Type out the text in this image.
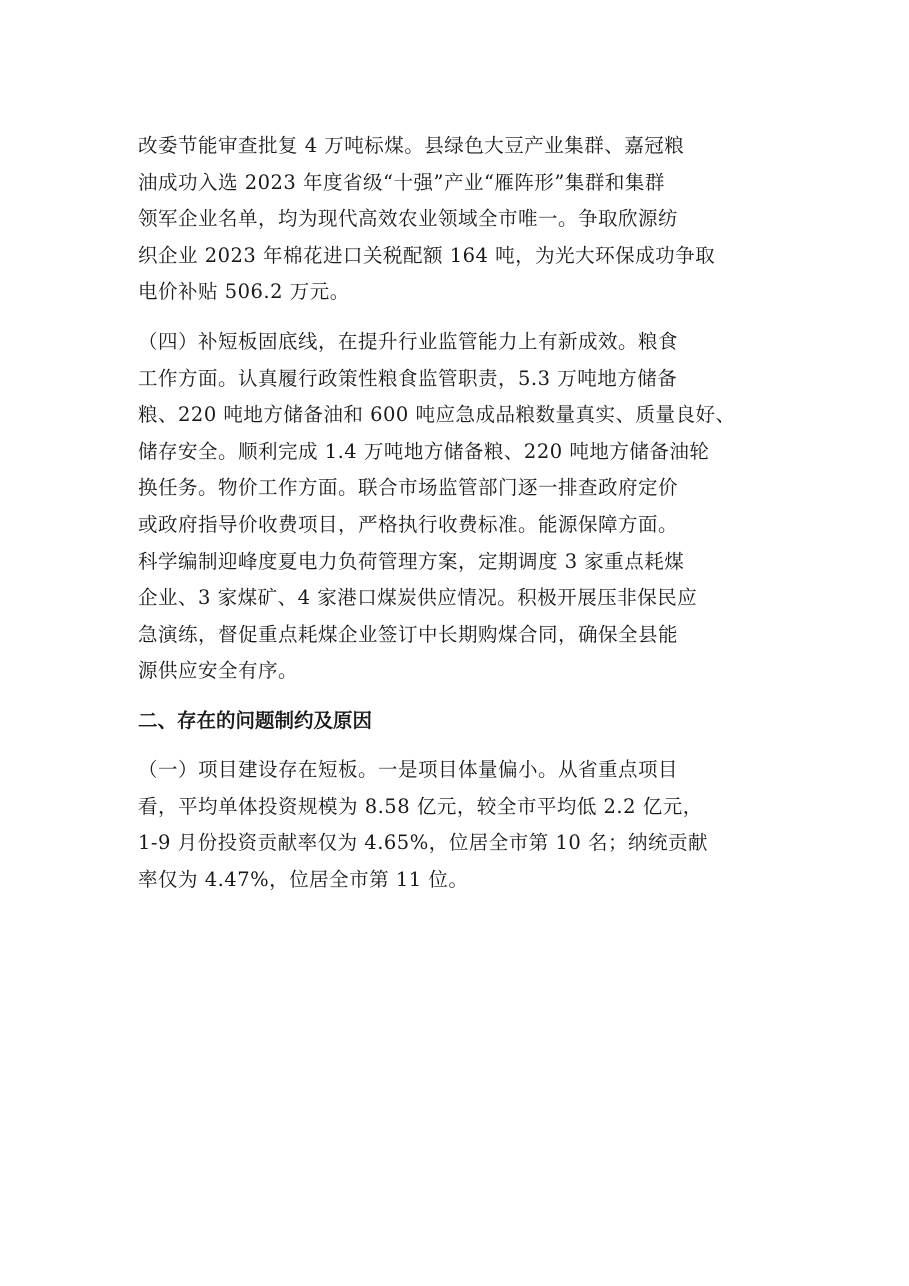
改委节能审查批复 4 万吨标煤。县绿色大豆产业集群、嘉冠粮
油成功入选 2023 年度省级“十强”产业“雁阵形”集群和集群
领军企业名单，均为现代高效农业领域全市唯一。争取欣源纺
织企业 2023 年棉花进口关税配额 164 吨，为光大环保成功争取
电价补贴 506.2 万元。
（四）补短板固底线，在提升行业监管能力上有新成效。粮食
工作方面。认真履行政策性粮食监管职责，5.3 万吨地方储备
粮、220 吨地方储备油和 600 吨应急成品粮数量真实、质量良好、
储存安全。顺利完成 1.4 万吨地方储备粮、220 吨地方储备油轮
换任务。物价工作方面。联合市场监管部门逐一排查政府定价
或政府指导价收费项目，严格执行收费标准。能源保障方面。
科学编制迎峰度夏电力负荷管理方案，定期调度 3 家重点耗煤
企业、3 家煤矿、4 家港口煤炭供应情况。积极开展压非保民应
急演练，督促重点耗煤企业签订中长期购煤合同，确保全县能
源供应安全有序。
二、存在的问题制约及原因
（一）项目建设存在短板。一是项目体量偏小。从省重点项目
看，平均单体投资规模为 8.58 亿元，较全市平均低 2.2 亿元，
1-9 月份投资贡献率仅为 4.65%，位居全市第 10 名；纳统贡献
率仅为 4.47%，位居全市第 11 位。
